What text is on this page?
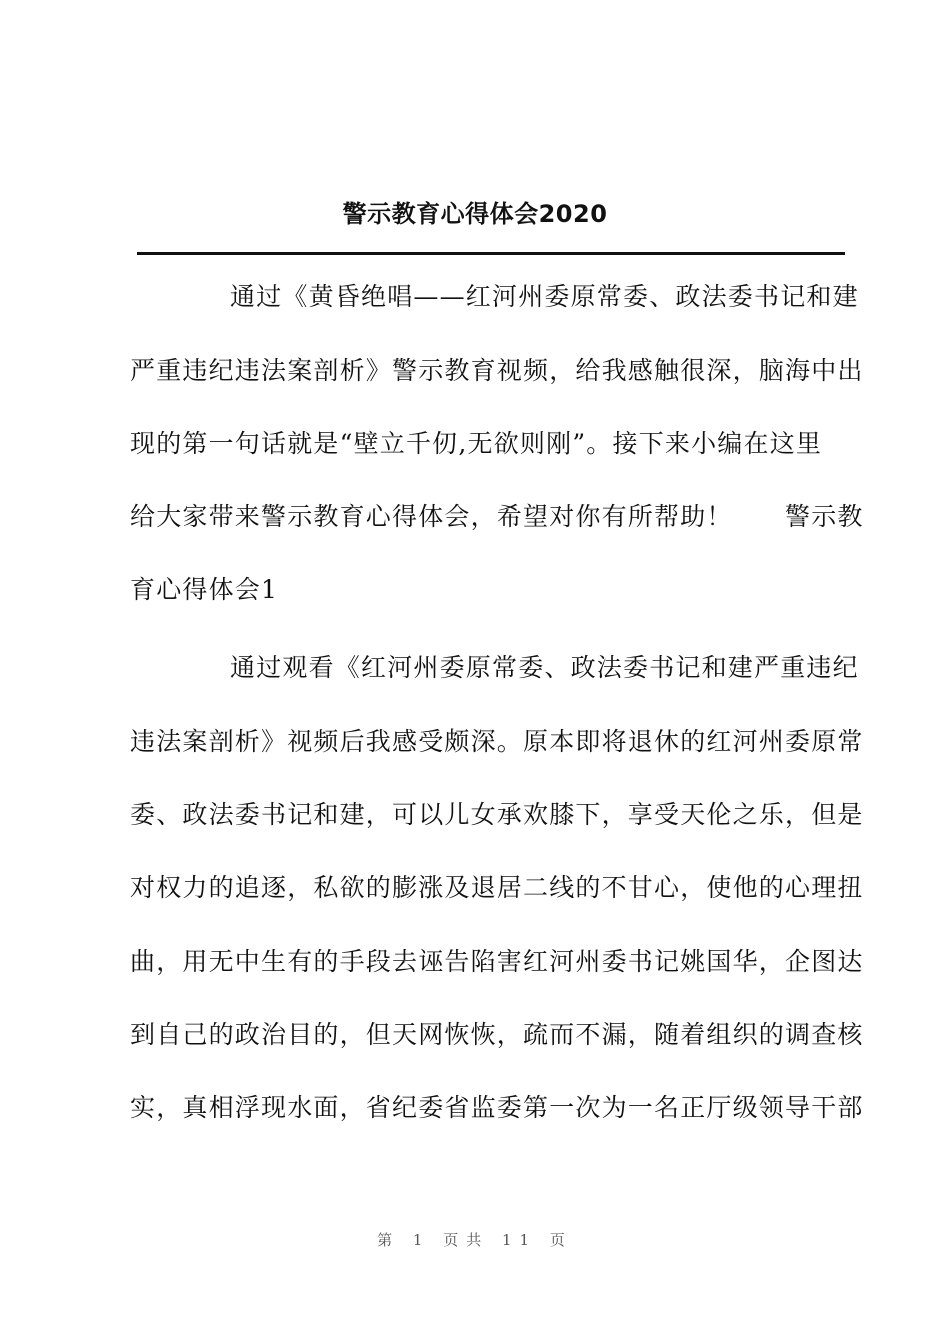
警示教育心得体会2020
通过《黄昏绝唱——红河州委原常委、政法委书记和建
严重违纪违法案剖析》警示教育视频，给我感触很深，脑海中出
现的第一句话就是“壁立千仞,无欲则刚”。接下来小编在这里
给大家带来警示教育心得体会，希望对你有所帮助！　　警示教
育心得体会1
通过观看《红河州委原常委、政法委书记和建严重违纪
违法案剖析》视频后我感受颇深。原本即将退休的红河州委原常
委、政法委书记和建，可以儿女承欢膝下，享受天伦之乐，但是
对权力的追逐，私欲的膨涨及退居二线的不甘心，使他的心理扭
曲，用无中生有的手段去诬告陷害红河州委书记姚国华，企图达
到自己的政治目的，但天网恢恢，疏而不漏，随着组织的调查核
实，真相浮现水面，省纪委省监委第一次为一名正厅级领导干部
第 1 页共 11 页
